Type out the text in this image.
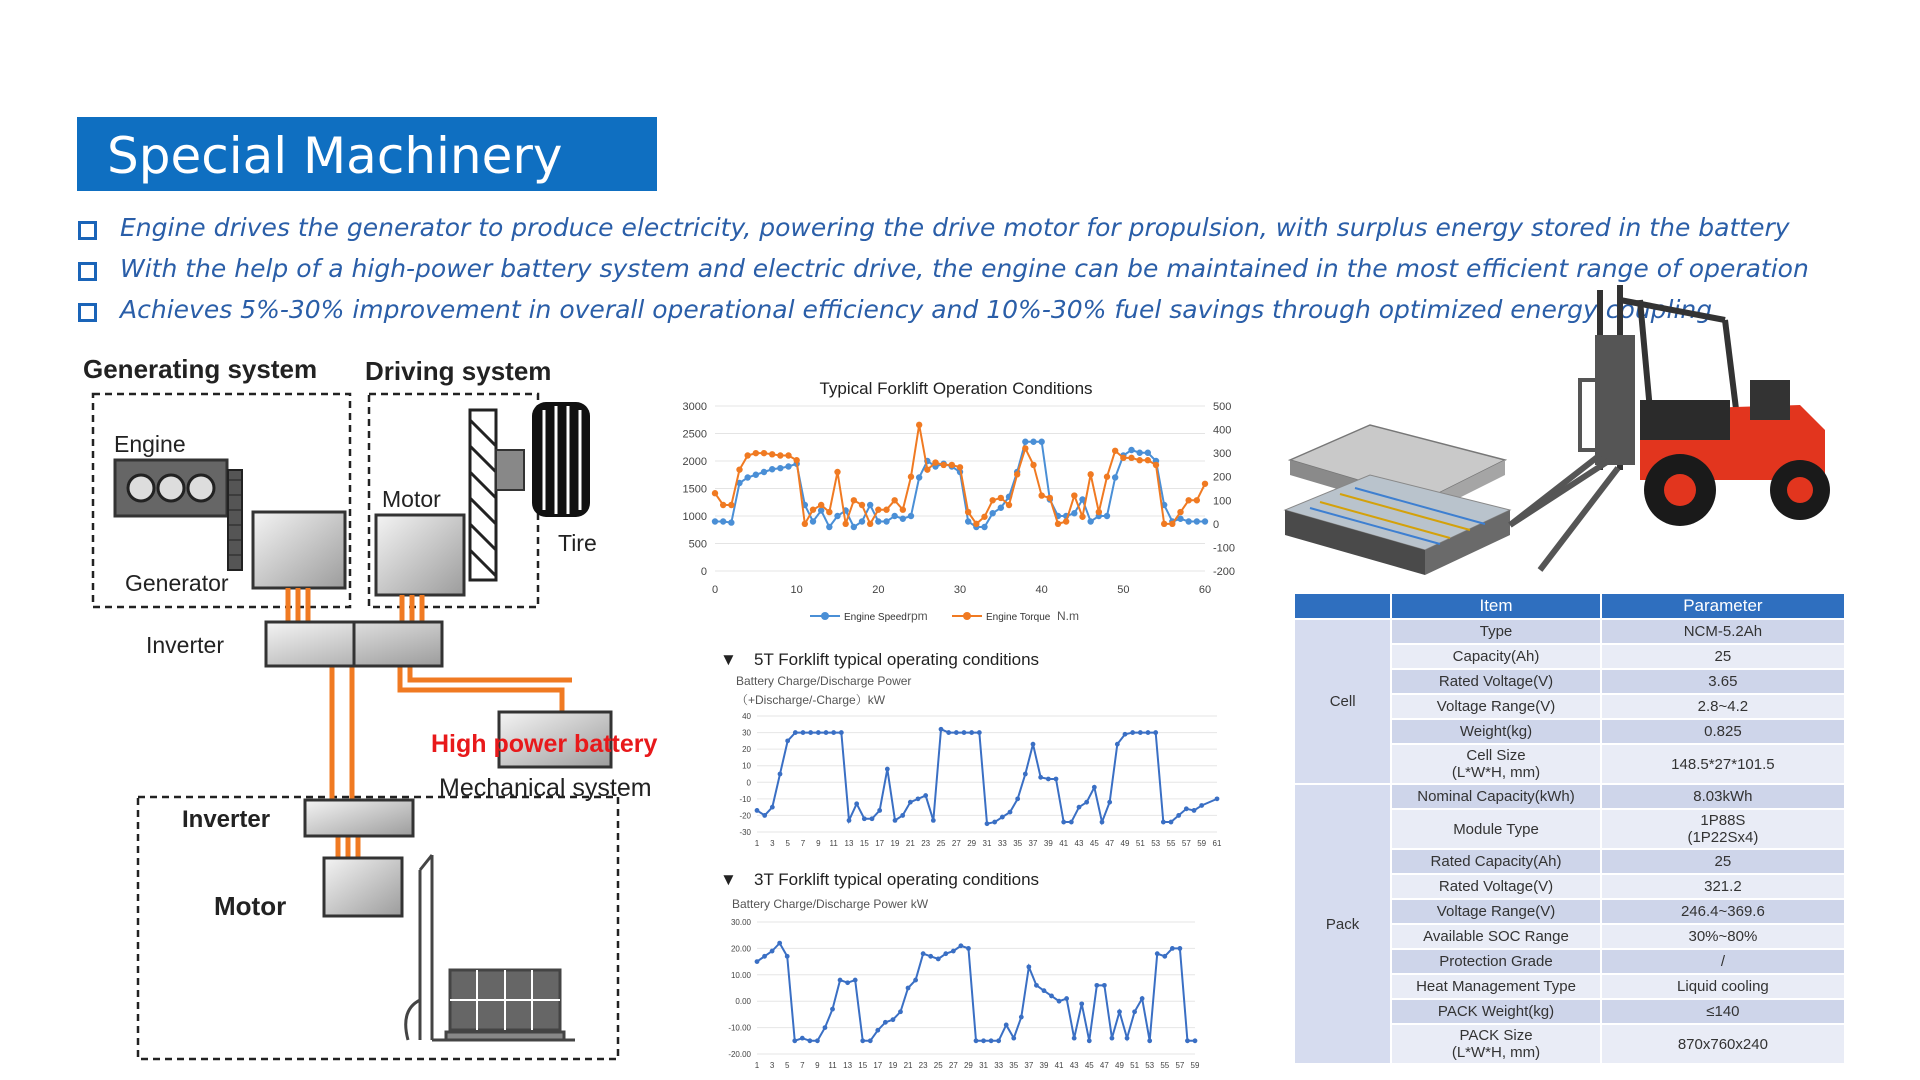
Special Machinery
Engine drives the generator to produce electricity, powering the drive motor for propulsion, with surplus energy stored in the battery
With the help of a high-power battery system and electric drive, the engine can be maintained in the most efficient range of operation
Achieves 5%-30% improvement in overall operational efficiency and 10%-30% fuel savings through optimized energy coupling
Generating system Driving system
Engine
Generator
Motor
Tire
Inverter
High power battery
Mechanical system
Inverter
Motor
Typical Forklift Operation Conditions
3000
2500
2000
1500
1000
500
0
500
400
300
200
100
0
-100
-200
0	10	20	30	40	50	60
Engine Speed rpm	Engine Torque N.m
▼ 5T Forklift typical operating conditions
Battery Charge/Discharge Power
（+Discharge/-Charge）kW
40
30
20
10
0
-10
-20
-30
1 3 5 7 9 11 13 15 17 19 21 23 25 27 29 31 33 35 37 39 41 43 45 47 49 51 53 55 57 59 61
▼ 3T Forklift typical operating conditions
Battery Charge/Discharge Power kW
30.00
20.00
10.00
0.00
-10.00
-20.00
1 3 5 7 9 11 13 15 17 19 21 23 25 27 29 31 33 35 37 39 41 43 45 47 49 51 53 55 57 59
	Item	Parameter
Cell	Type	NCM-5.2Ah
	Capacity(Ah)	25
	Rated Voltage(V)	3.65
	Voltage Range(V)	2.8~4.2
	Weight(kg)	0.825
	Cell Size
(L*W*H, mm)	148.5*27*101.5
Pack	Nominal Capacity(kWh)	8.03kWh
	Module Type	1P88S
(1P22Sx4)
	Rated Capacity(Ah)	25
	Rated Voltage(V)	321.2
	Voltage Range(V)	246.4~369.6
	Available SOC Range	30%~80%
	Protection Grade	/
	Heat Management Type	Liquid cooling
	PACK Weight(kg)	≤140
	PACK Size
(L*W*H, mm)	870x760x240
